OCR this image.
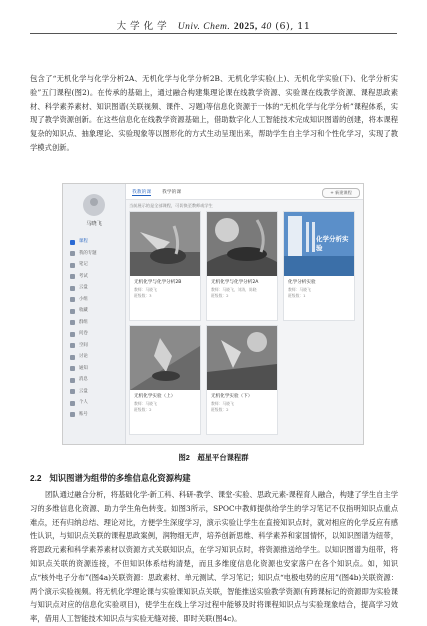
大 学 化 学 Univ. Chem. 2025, 40 (6), 11

包含了“无机化学与化学分析2A、无机化学与化学分析2B、无机化学实验(上)、无机化学实验(下)、化学分析实验”五门课程(图2)。在传承的基础上，通过融合构建集理论课在线教学资源、实验课在线教学资源、课程思政素材、科学素养素材、知识图谱(关联视频、课件、习题)等信息化资源于一体的“无机化学与化学分析”课程体系，实现了教学资源创新。在这些信息化在线教学资源基础上，借助数字化人工智能技术完成知识图谱的创建，将本课程复杂的知识点、抽象理论、实验现象等以图形化的方式生动呈现出来，帮助学生自主学习和个性化学习，实现了教学模式创新。

马晓飞
课程
我的专题
笔记
考试
云盘
小组
收藏
群组
问卷
空间
讨论
通知
消息
云盘
个人
账号
我教的课 我学的课	+ 新建课程
当前展示的是全部课程，可切换至教师或学生
无机化学与化学分析2B
教师：马晓飞
班级数：3
无机化学与化学分析2A
教师：马晓飞，刘涛，陈晓
班级数：2
化学分析实验
化学分析实验
教师：马晓飞
班级数：1
无机化学实验（上）
教师：马晓飞
班级数：2
无机化学实验（下）
教师：马晓飞
班级数：2
图2 超星平台课程群
2.2 知识图谱为组带的多维信息化资源构建

团队通过融合分析，将基础化学-新工科、科研-教学、课堂-实验、思政元素-课程育人融合，构建了学生自主学习的多维信息化资源、助力学生角色转变。如图3所示，SPOC中教师提供给学生的学习笔记不仅指明知识点重点难点，还有归纳总结、理论对比，方便学生深度学习，演示实验让学生在直接知识点时，就对相应的化学反应有感性认识，与知识点关联的课程思政案例，润物细无声，培养创新思维、科学素养和家国情怀，以知识图谱为纽带，将思政元素和科学素养素材以资源方式关联知识点，在学习知识点时，将资源推送给学生。以知识图谱为纽带，将知识点关联的资源连接，不但知识体系结构清楚，而且多维度信息化资源也安家落户在各个知识点。如，知识点“核外电子分布”(图4a)关联资源：思政素材、单元测试、学习笔记；知识点“电极电势的应用”(图4b)关联资源：两个演示实验视频。将无机化学理论课与实验课知识点关联，智能推送实验教学资源(有跨课标记的资源即为实验课与知识点对应的信息化实验项目)，使学生在线上学习过程中能够及时将课程知识点与实验现象结合，提高学习效率，借用人工智能技术知识点与实验无缝对接、即时关联(图4c)。
